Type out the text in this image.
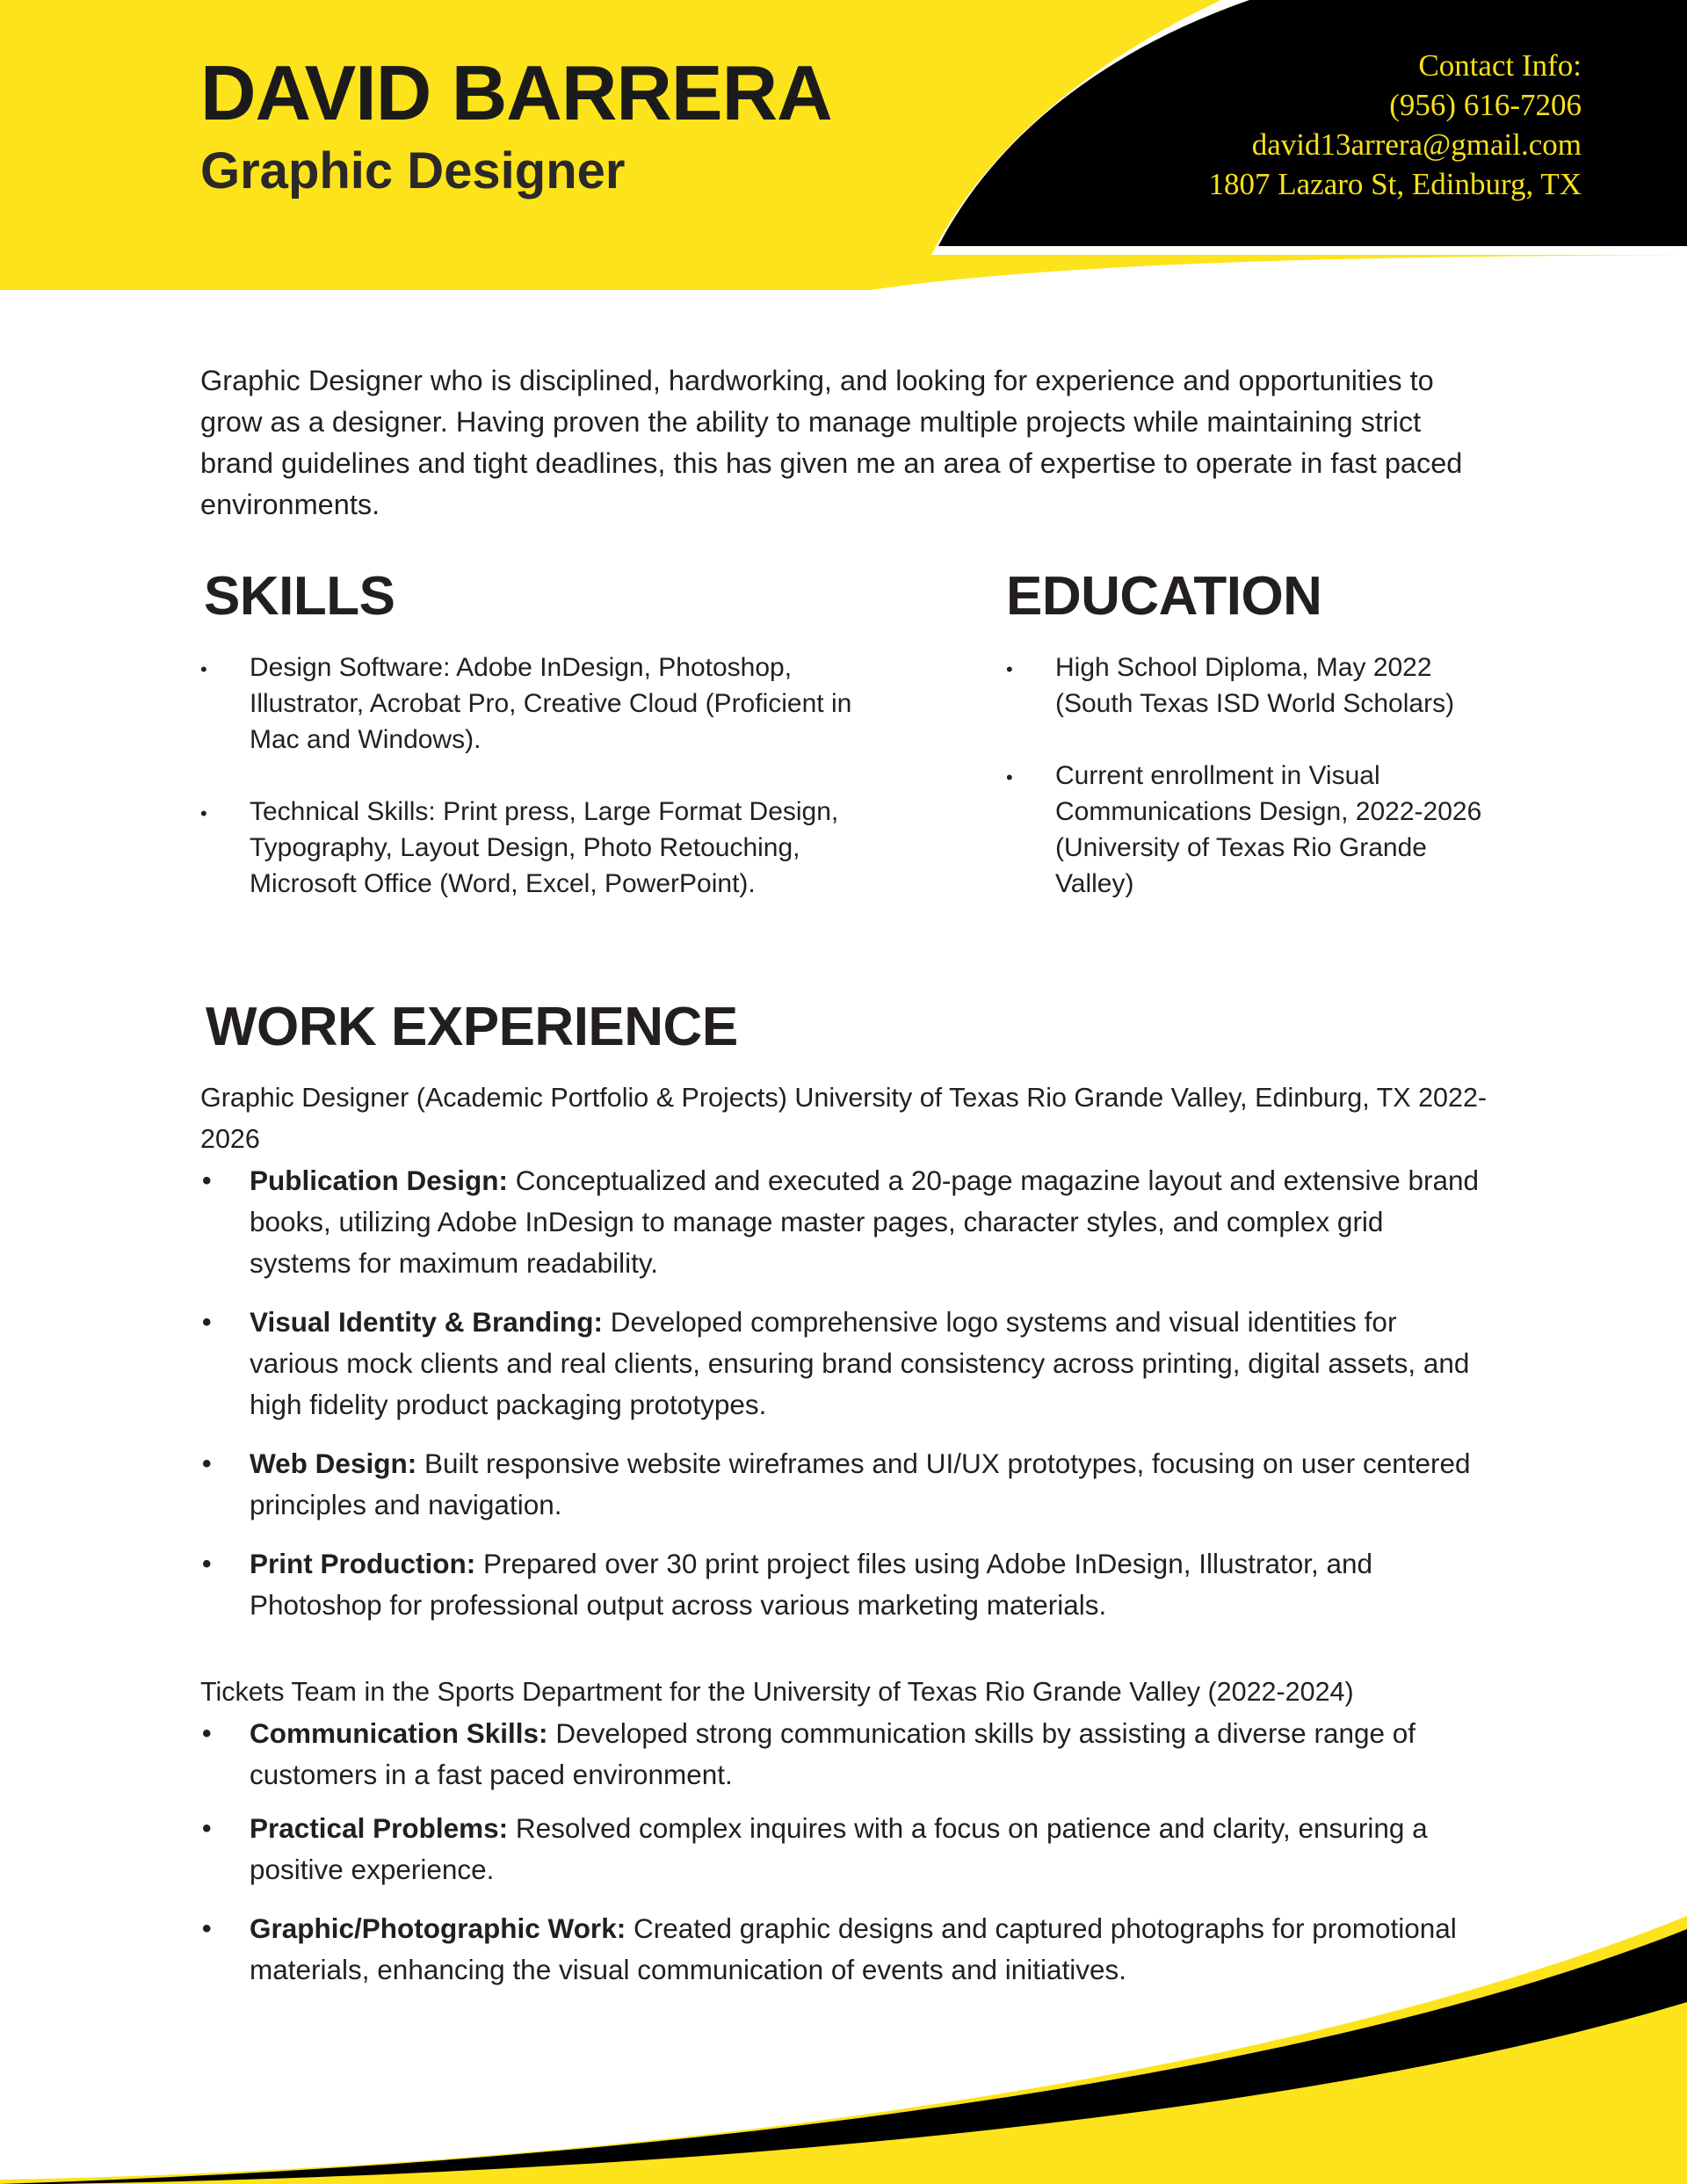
DAVID BARRERA
Graphic Designer
Contact Info:
(956) 616-7206
david13arrera@gmail.com
1807 Lazaro St, Edinburg, TX

Graphic Designer who is disciplined, hardworking, and looking for experience and opportunities to grow as a designer. Having proven the ability to manage multiple projects while maintaining strict brand guidelines and tight deadlines, this has given me an area of expertise to operate in fast paced environments.

SKILLS
• Design Software: Adobe InDesign, Photoshop, Illustrator, Acrobat Pro, Creative Cloud (Proficient in Mac and Windows).
• Technical Skills: Print press, Large Format Design, Typography, Layout Design, Photo Retouching, Microsoft Office (Word, Excel, PowerPoint).
EDUCATION
• High School Diploma, May 2022 (South Texas ISD World Scholars)
• Current enrollment in Visual Communications Design, 2022-2026 (University of Texas Rio Grande Valley)
WORK EXPERIENCE

Graphic Designer (Academic Portfolio & Projects) University of Texas Rio Grande Valley, Edinburg, TX 2022-2026

• Publication Design: Conceptualized and executed a 20-page magazine layout and extensive brand books, utilizing Adobe InDesign to manage master pages, character styles, and complex grid systems for maximum readability.
• Visual Identity & Branding: Developed comprehensive logo systems and visual identities for various mock clients and real clients, ensuring brand consistency across printing, digital assets, and high fidelity product packaging prototypes.
• Web Design: Built responsive website wireframes and UI/UX prototypes, focusing on user centered principles and navigation.
• Print Production: Prepared over 30 print project files using Adobe InDesign, Illustrator, and Photoshop for professional output across various marketing materials.

Tickets Team in the Sports Department for the University of Texas Rio Grande Valley (2022-2024)

• Communication Skills: Developed strong communication skills by assisting a diverse range of customers in a fast paced environment.
• Practical Problems: Resolved complex inquires with a focus on patience and clarity, ensuring a positive experience.
• Graphic/Photographic Work: Created graphic designs and captured photographs for promotional materials, enhancing the visual communication of events and initiatives.
